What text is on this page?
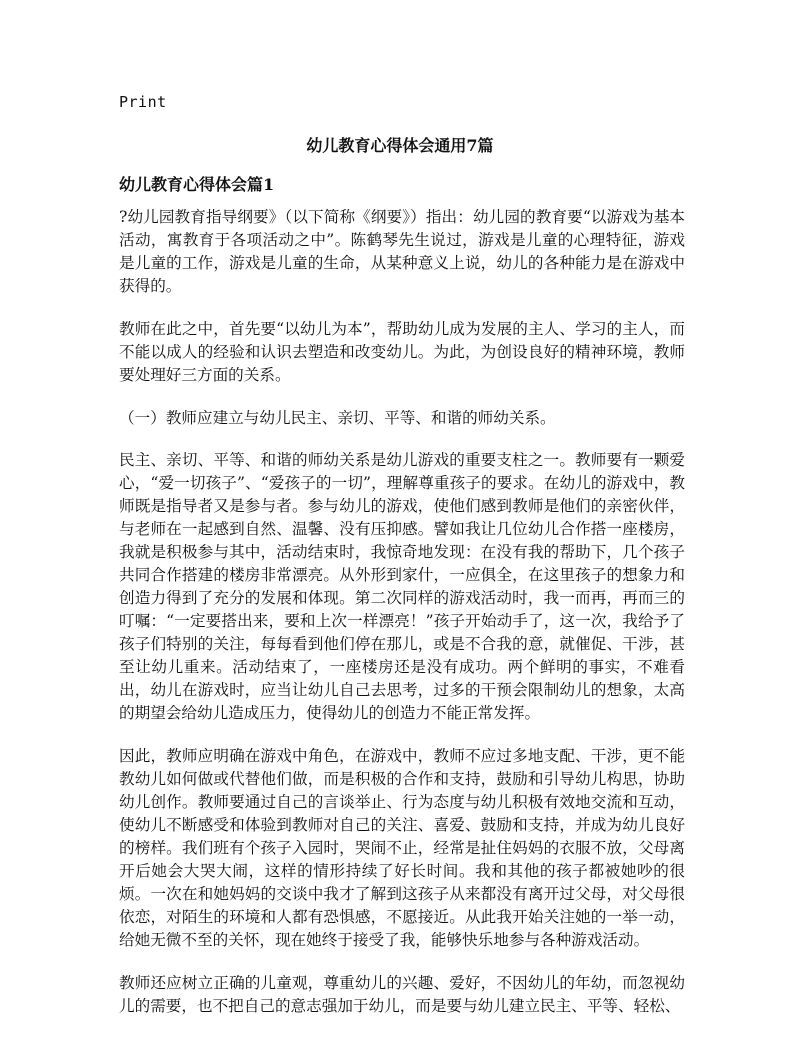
Print
幼儿教育心得体会通用7篇
幼儿教育心得体会篇1

?幼儿园教育指导纲要》（以下简称《纲要》）指出：幼儿园的教育要“以游戏为基本活动，寓教育于各项活动之中”。陈鹤琴先生说过，游戏是儿童的心理特征，游戏是儿童的工作，游戏是儿童的生命，从某种意义上说，幼儿的各种能力是在游戏中获得的。

教师在此之中，首先要“以幼儿为本”，帮助幼儿成为发展的主人、学习的主人，而不能以成人的经验和认识去塑造和改变幼儿。为此，为创设良好的精神环境，教师要处理好三方面的关系。

（一）教师应建立与幼儿民主、亲切、平等、和谐的师幼关系。

民主、亲切、平等、和谐的师幼关系是幼儿游戏的重要支柱之一。教师要有一颗爱心，“爱一切孩子”、“爱孩子的一切”，理解尊重孩子的要求。在幼儿的游戏中，教师既是指导者又是参与者。参与幼儿的游戏，使他们感到教师是他们的亲密伙伴，与老师在一起感到自然、温馨、没有压抑感。譬如我让几位幼儿合作搭一座楼房，我就是积极参与其中，活动结束时，我惊奇地发现：在没有我的帮助下，几个孩子共同合作搭建的楼房非常漂亮。从外形到家什，一应俱全，在这里孩子的想象力和创造力得到了充分的发展和体现。第二次同样的游戏活动时，我一而再，再而三的叮嘱：“一定要搭出来，要和上次一样漂亮！”孩子开始动手了，这一次，我给予了孩子们特别的关注，每每看到他们停在那儿，或是不合我的意，就催促、干涉，甚至让幼儿重来。活动结束了，一座楼房还是没有成功。两个鲜明的事实，不难看出，幼儿在游戏时，应当让幼儿自己去思考，过多的干预会限制幼儿的想象，太高的期望会给幼儿造成压力，使得幼儿的创造力不能正常发挥。

因此，教师应明确在游戏中角色，在游戏中，教师不应过多地支配、干涉，更不能教幼儿如何做或代替他们做，而是积极的合作和支持，鼓励和引导幼儿构思，协助幼儿创作。教师要通过自己的言谈举止、行为态度与幼儿积极有效地交流和互动，使幼儿不断感受和体验到教师对自己的关注、喜爱、鼓励和支持，并成为幼儿良好的榜样。我们班有个孩子入园时，哭闹不止，经常是扯住妈妈的衣服不放，父母离开后她会大哭大闹，这样的情形持续了好长时间。我和其他的孩子都被她吵的很烦。一次在和她妈妈的交谈中我才了解到这孩子从来都没有离开过父母，对父母很依恋，对陌生的环境和人都有恐惧感，不愿接近。从此我开始关注她的一举一动，给她无微不至的关怀，现在她终于接受了我，能够快乐地参与各种游戏活动。

教师还应树立正确的儿童观，尊重幼儿的兴趣、爱好，不因幼儿的年幼，而忽视幼儿的需要，也不把自己的意志强加于幼儿，而是要与幼儿建立民主、平等、轻松、
